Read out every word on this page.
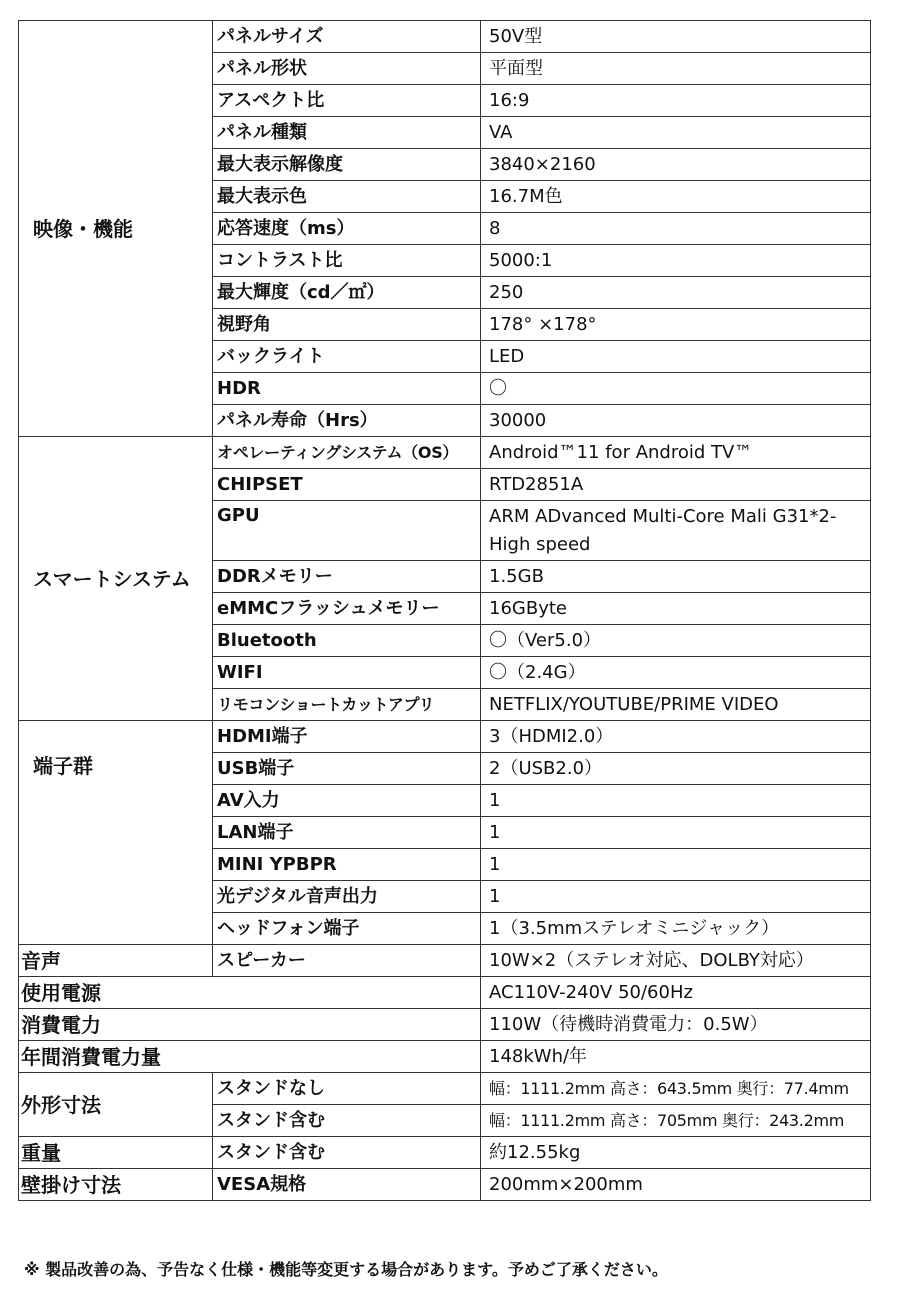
映像・機能	パネルサイズ	50V型
	パネル形状	平面型
	アスペクト比	16:9
	パネル種類	VA
	最大表示解像度	3840×2160
	最大表示色	16.7M色
	応答速度（ms）	8
	コントラスト比	5000:1
	最大輝度（cd／㎡）	250
	視野角	178° ×178°
	バックライト	LED
	HDR	〇
	パネル寿命（Hrs）	30000
スマートシステム	オペレーティングシステム（OS）	Android™11 for Android TV™
	CHIPSET	RTD2851A
	GPU	ARM ADvanced Multi-Core Mali G31*2-High speed
	DDRメモリー	1.5GB
	eMMCフラッシュメモリー	16GByte
	Bluetooth	〇（Ver5.0）
	WIFI	〇（2.4G）
	リモコンショートカットアプリ	NETFLIX/YOUTUBE/PRIME VIDEO
端子群	HDMI端子	3（HDMI2.0）
	USB端子	2（USB2.0）
	AV入力	1
	LAN端子	1
	MINI YPBPR	1
	光デジタル音声出力	1
	ヘッドフォン端子	1（3.5mmステレオミニジャック）
音声	スピーカー	10W×2（ステレオ対応、DOLBY対応）
使用電源		AC110V-240V 50/60Hz
消費電力		110W（待機時消費電力：0.5W）
年間消費電力量		148kWh/年
外形寸法	スタンドなし	幅：1111.2mm 高さ：643.5mm 奥行：77.4mm
	スタンド含む	幅：1111.2mm 高さ：705mm 奥行：243.2mm
重量	スタンド含む	約12.55kg
壁掛け寸法	VESA規格	200mm×200mm
※ 製品改善の為、予告なく仕様・機能等変更する場合があります。予めご了承ください。
